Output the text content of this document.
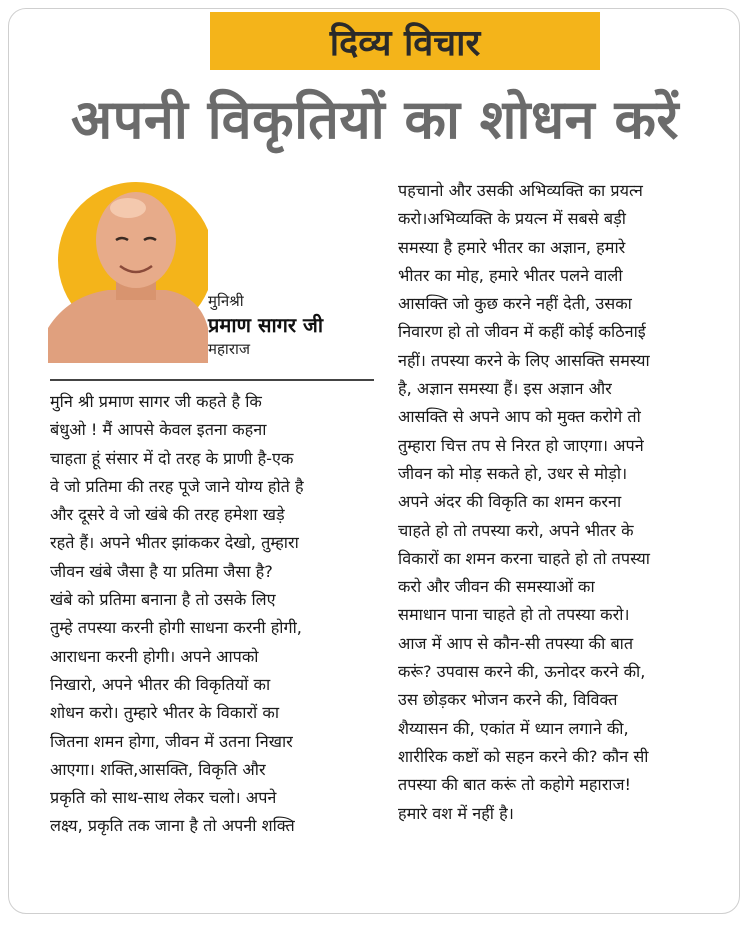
दिव्य विचार
अपनी विकृतियों का शोधन करें
मुनिश्री
प्रमाण सागर जी
महाराज

मुनि श्री प्रमाण सागर जी कहते है कि
बंधुओ ! मैं आपसे केवल इतना कहना
चाहता हूं संसार में दो तरह के प्राणी है-एक
वे जो प्रतिमा की तरह पूजे जाने योग्य होते है
और दूसरे वे जो खंबे की तरह हमेशा खड़े
रहते हैं। अपने भीतर झांककर देखो, तुम्हारा
जीवन खंबे जैसा है या प्रतिमा जैसा है?
खंबे को प्रतिमा बनाना है तो उसके लिए
तुम्हे तपस्या करनी होगी साधना करनी होगी,
आराधना करनी होगी। अपने आपको
निखारो, अपने भीतर की विकृतियों का
शोधन करो। तुम्हारे भीतर के विकारों का
जितना शमन होगा, जीवन में उतना निखार
आएगा। शक्ति,आसक्ति, विकृति और
प्रकृति को साथ-साथ लेकर चलो। अपने
लक्ष्य, प्रकृति तक जाना है तो अपनी शक्ति

पहचानो और उसकी अभिव्यक्ति का प्रयत्न
करो।अभिव्यक्ति के प्रयत्न में सबसे बड़ी
समस्या है हमारे भीतर का अज्ञान, हमारे
भीतर का मोह, हमारे भीतर पलने वाली
आसक्ति जो कुछ करने नहीं देती, उसका
निवारण हो तो जीवन में कहीं कोई कठिनाई
नहीं। तपस्या करने के लिए आसक्ति समस्या
है, अज्ञान समस्या हैं। इस अज्ञान और
आसक्ति से अपने आप को मुक्त करोगे तो
तुम्हारा चित्त तप से निरत हो जाएगा। अपने
जीवन को मोड़ सकते हो, उधर से मोड़ो।
अपने अंदर की विकृति का शमन करना
चाहते हो तो तपस्या करो, अपने भीतर के
विकारों का शमन करना चाहते हो तो तपस्या
करो और जीवन की समस्याओं का
समाधान पाना चाहते हो तो तपस्या करो।
आज में आप से कौन-सी तपस्या की बात
करूं? उपवास करने की, ऊनोदर करने की,
उस छोड़कर भोजन करने की, विविक्त
शैय्यासन की, एकांत में ध्यान लगाने की,
शारीरिक कष्टों को सहन करने की? कौन सी
तपस्या की बात करूं तो कहोगे महाराज!
हमारे वश में नहीं है।
